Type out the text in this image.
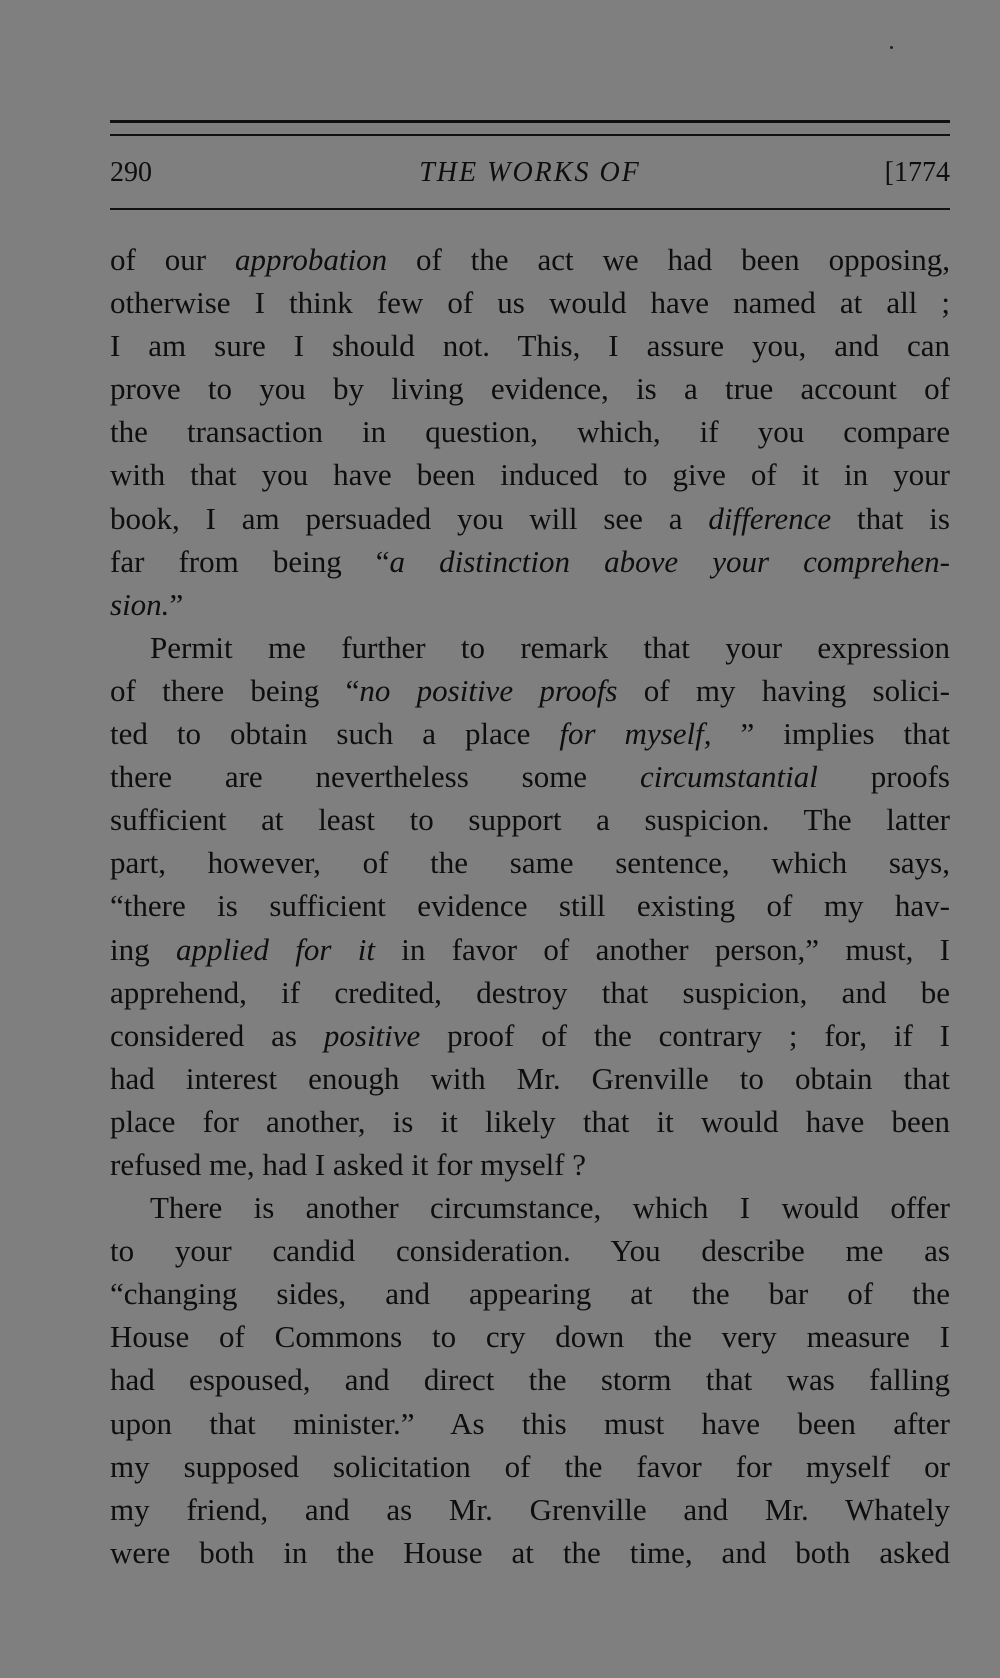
290	THE WORKS OF	[1774
of our approbation of the act we had been opposing,
otherwise I think few of us would have named at all ;
I am sure I should not. This, I assure you, and can
prove to you by living evidence, is a true account of
the transaction in question, which, if you compare
with that you have been induced to give of it in your
book, I am persuaded you will see a difference that is
far from being “a distinction above your comprehen-
sion.”
Permit me further to remark that your expression
of there being “no positive proofs of my having solici-
ted to obtain such a place for myself, ” implies that
there are nevertheless some circumstantial proofs
sufficient at least to support a suspicion. The latter
part, however, of the same sentence, which says,
“there is sufficient evidence still existing of my hav-
ing applied for it in favor of another person,” must, I
apprehend, if credited, destroy that suspicion, and be
considered as positive proof of the contrary ; for, if I
had interest enough with Mr. Grenville to obtain that
place for another, is it likely that it would have been
refused me, had I asked it for myself ?
There is another circumstance, which I would offer
to your candid consideration. You describe me as
“changing sides, and appearing at the bar of the
House of Commons to cry down the very measure I
had espoused, and direct the storm that was falling
upon that minister.” As this must have been after
my supposed solicitation of the favor for myself or
my friend, and as Mr. Grenville and Mr. Whately
were both in the House at the time, and both asked
